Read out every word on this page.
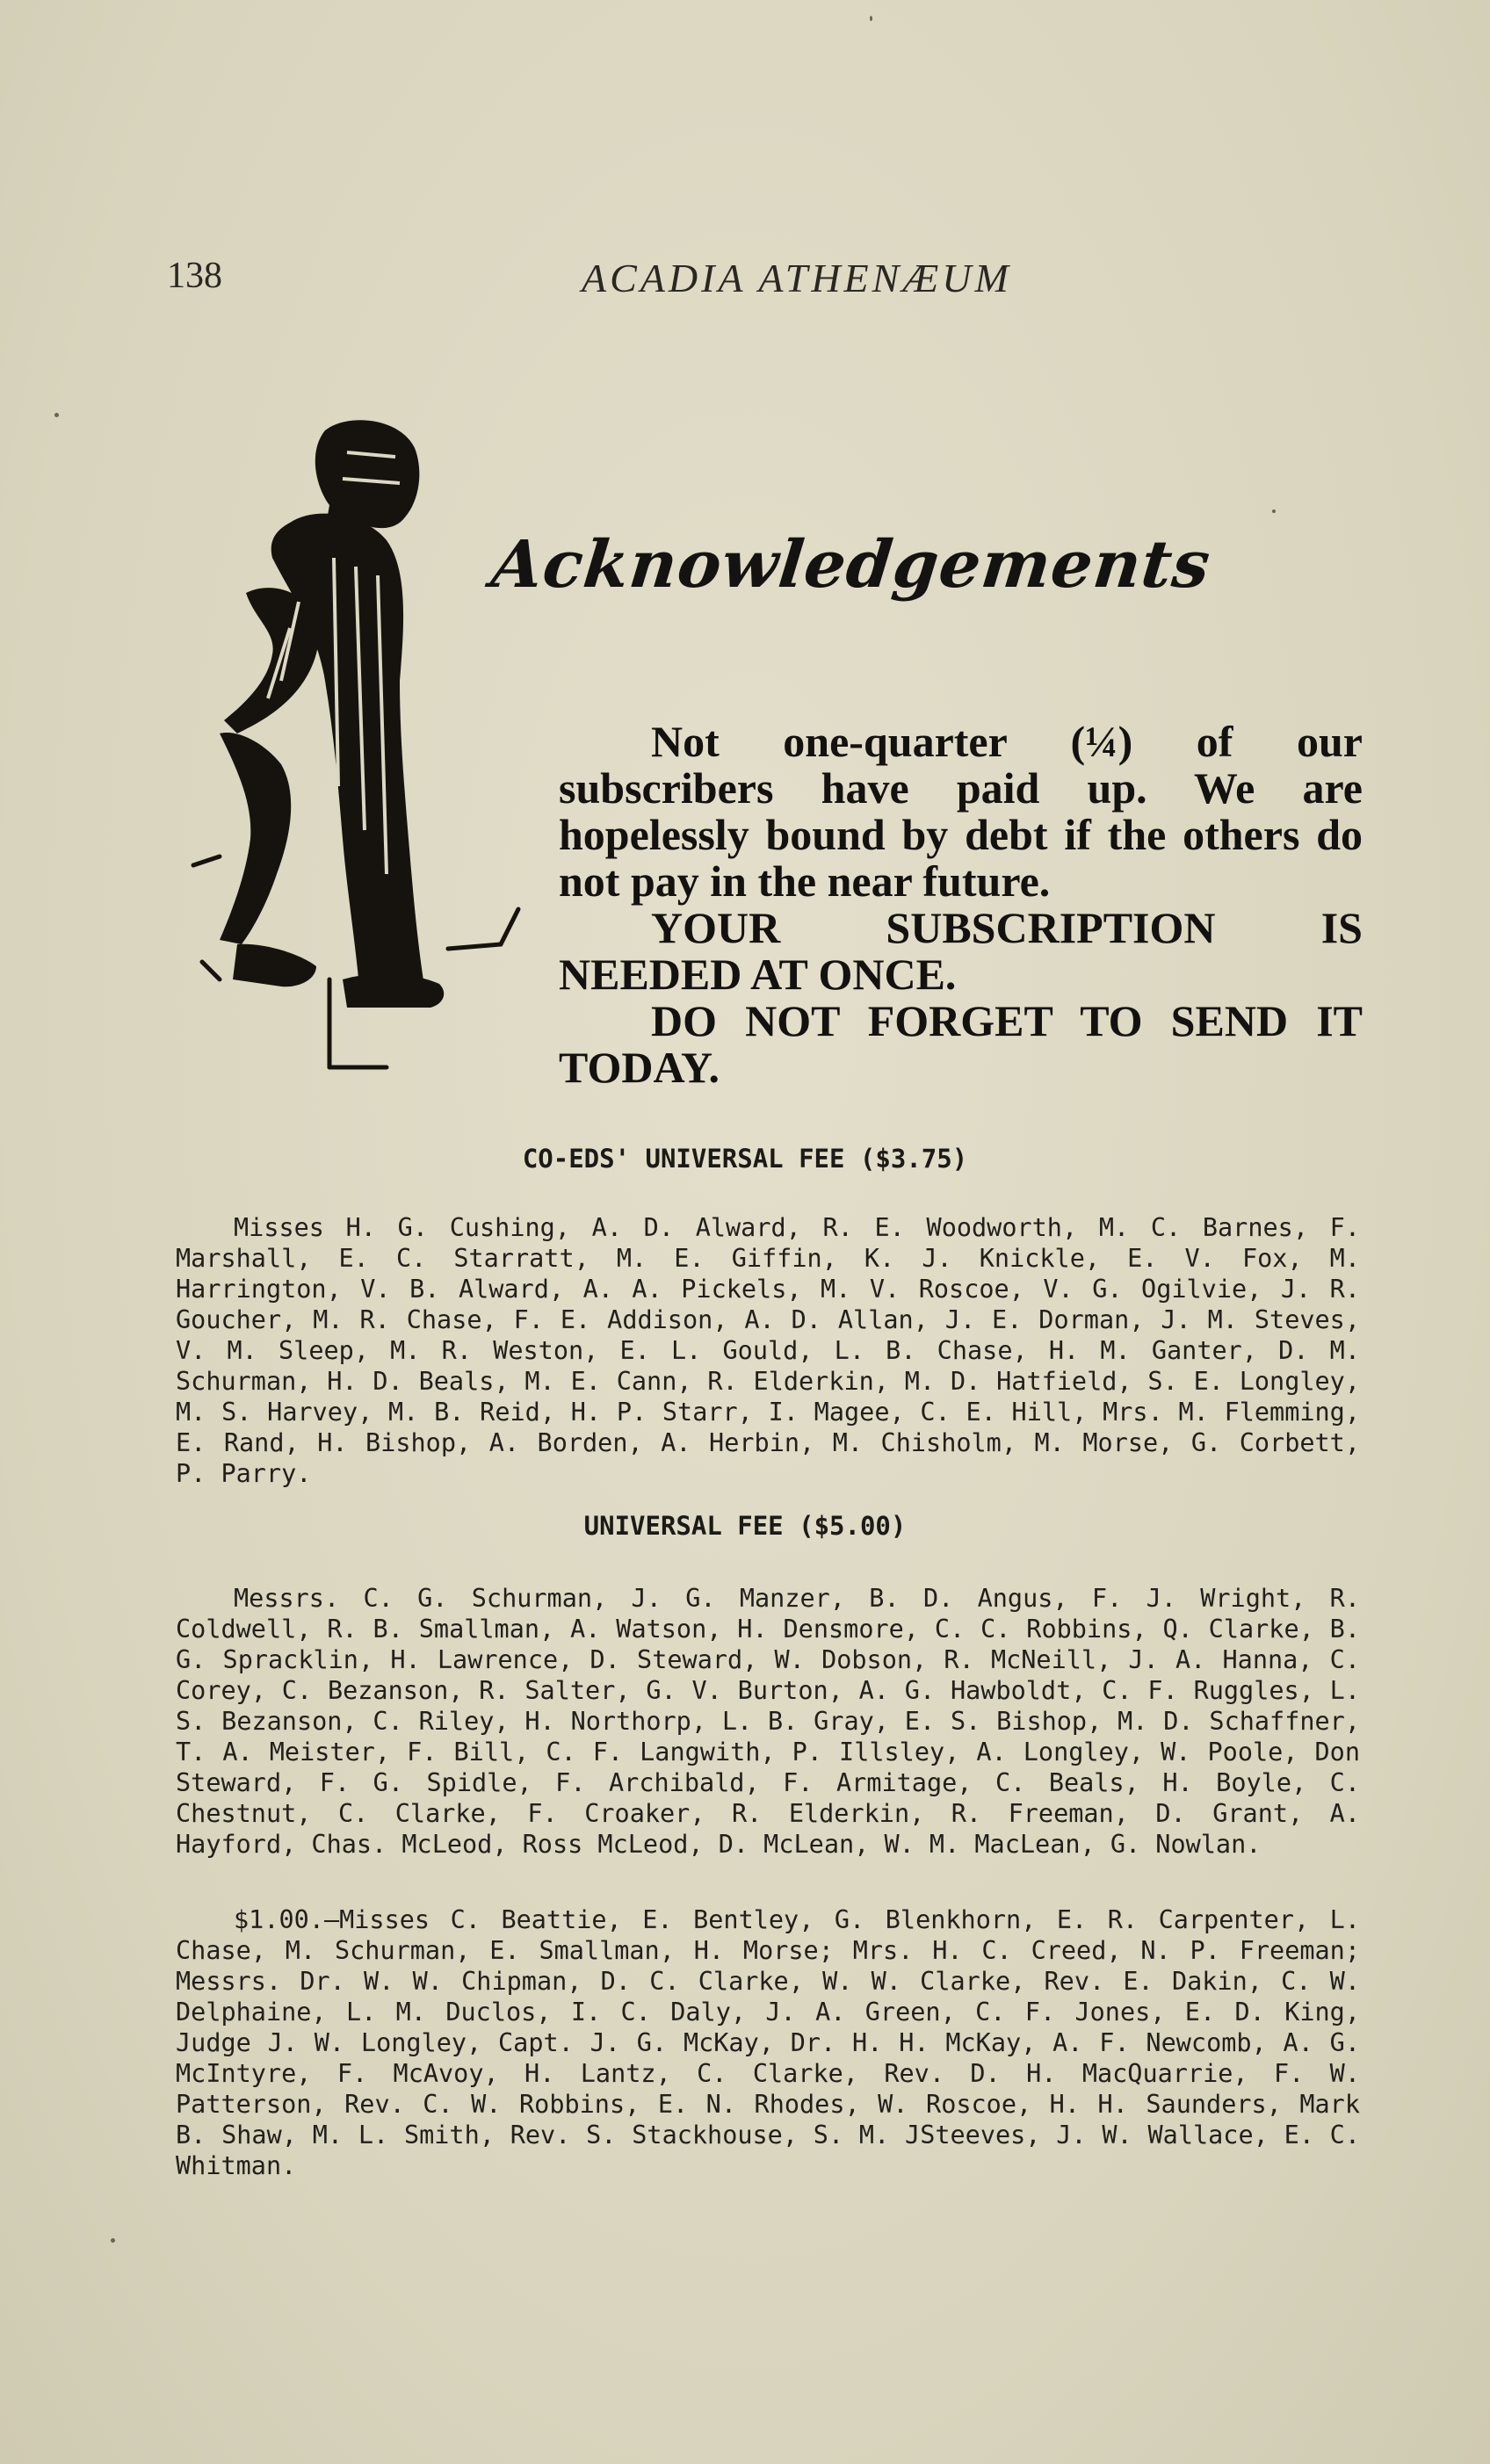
138	ACADIA ATHENÆUM
Acknowledgements

Not one-quarter (¼) of our subscribers have paid up. We are hopelessly bound by debt if the others do not pay in the near future.

YOUR SUBSCRIPTION IS

NEEDED AT ONCE.

DO NOT FORGET TO SEND IT TODAY.

CO-EDS' UNIVERSAL FEE ($3.75)

Misses H. G. Cushing, A. D. Alward, R. E. Woodworth, M. C. Barnes, F. Marshall, E. C. Starratt, M. E. Giffin, K. J. Knickle, E. V. Fox, M. Harrington, V. B. Alward, A. A. Pickels, M. V. Roscoe, V. G. Ogilvie, J. R. Goucher, M. R. Chase, F. E. Addison, A. D. Allan, J. E. Dorman, J. M. Steves, V. M. Sleep, M. R. Weston, E. L. Gould, L. B. Chase, H. M. Ganter, D. M. Schurman, H. D. Beals, M. E. Cann, R. Elderkin, M. D. Hatfield, S. E. Longley, M. S. Harvey, M. B. Reid, H. P. Starr, I. Magee, C. E. Hill, Mrs. M. Flemming, E. Rand, H. Bishop, A. Borden, A. Herbin, M. Chisholm, M. Morse, G. Corbett, P. Parry.

UNIVERSAL FEE ($5.00)

Messrs. C. G. Schurman, J. G. Manzer, B. D. Angus, F. J. Wright, R. Coldwell, R. B. Smallman, A. Watson, H. Densmore, C. C. Robbins, Q. Clarke, B. G. Spracklin, H. Lawrence, D. Steward, W. Dobson, R. McNeill, J. A. Hanna, C. Corey, C. Bezanson, R. Salter, G. V. Burton, A. G. Hawboldt, C. F. Ruggles, L. S. Bezanson, C. Riley, H. Northorp, L. B. Gray, E. S. Bishop, M. D. Schaffner, T. A. Meister, F. Bill, C. F. Langwith, P. Illsley, A. Longley, W. Poole, Don Steward, F. G. Spidle, F. Archibald, F. Armitage, C. Beals, H. Boyle, C. Chestnut, C. Clarke, F. Croaker, R. Elderkin, R. Freeman, D. Grant, A. Hayford, Chas. McLeod, Ross McLeod, D. McLean, W. M. MacLean, G. Nowlan.

$1.00.—Misses C. Beattie, E. Bentley, G. Blenkhorn, E. R. Carpenter, L. Chase, M. Schurman, E. Smallman, H. Morse; Mrs. H. C. Creed, N. P. Freeman; Messrs. Dr. W. W. Chipman, D. C. Clarke, W. W. Clarke, Rev. E. Dakin, C. W. Delphaine, L. M. Duclos, I. C. Daly, J. A. Green, C. F. Jones, E. D. King, Judge J. W. Longley, Capt. J. G. McKay, Dr. H. H. McKay, A. F. Newcomb, A. G. McIntyre, F. McAvoy, H. Lantz, C. Clarke, Rev. D. H. MacQuarrie, F. W. Patterson, Rev. C. W. Robbins, E. N. Rhodes, W. Roscoe, H. H. Saunders, Mark B. Shaw, M. L. Smith, Rev. S. Stackhouse, S. M. JSteeves, J. W. Wallace, E. C. Whitman.
